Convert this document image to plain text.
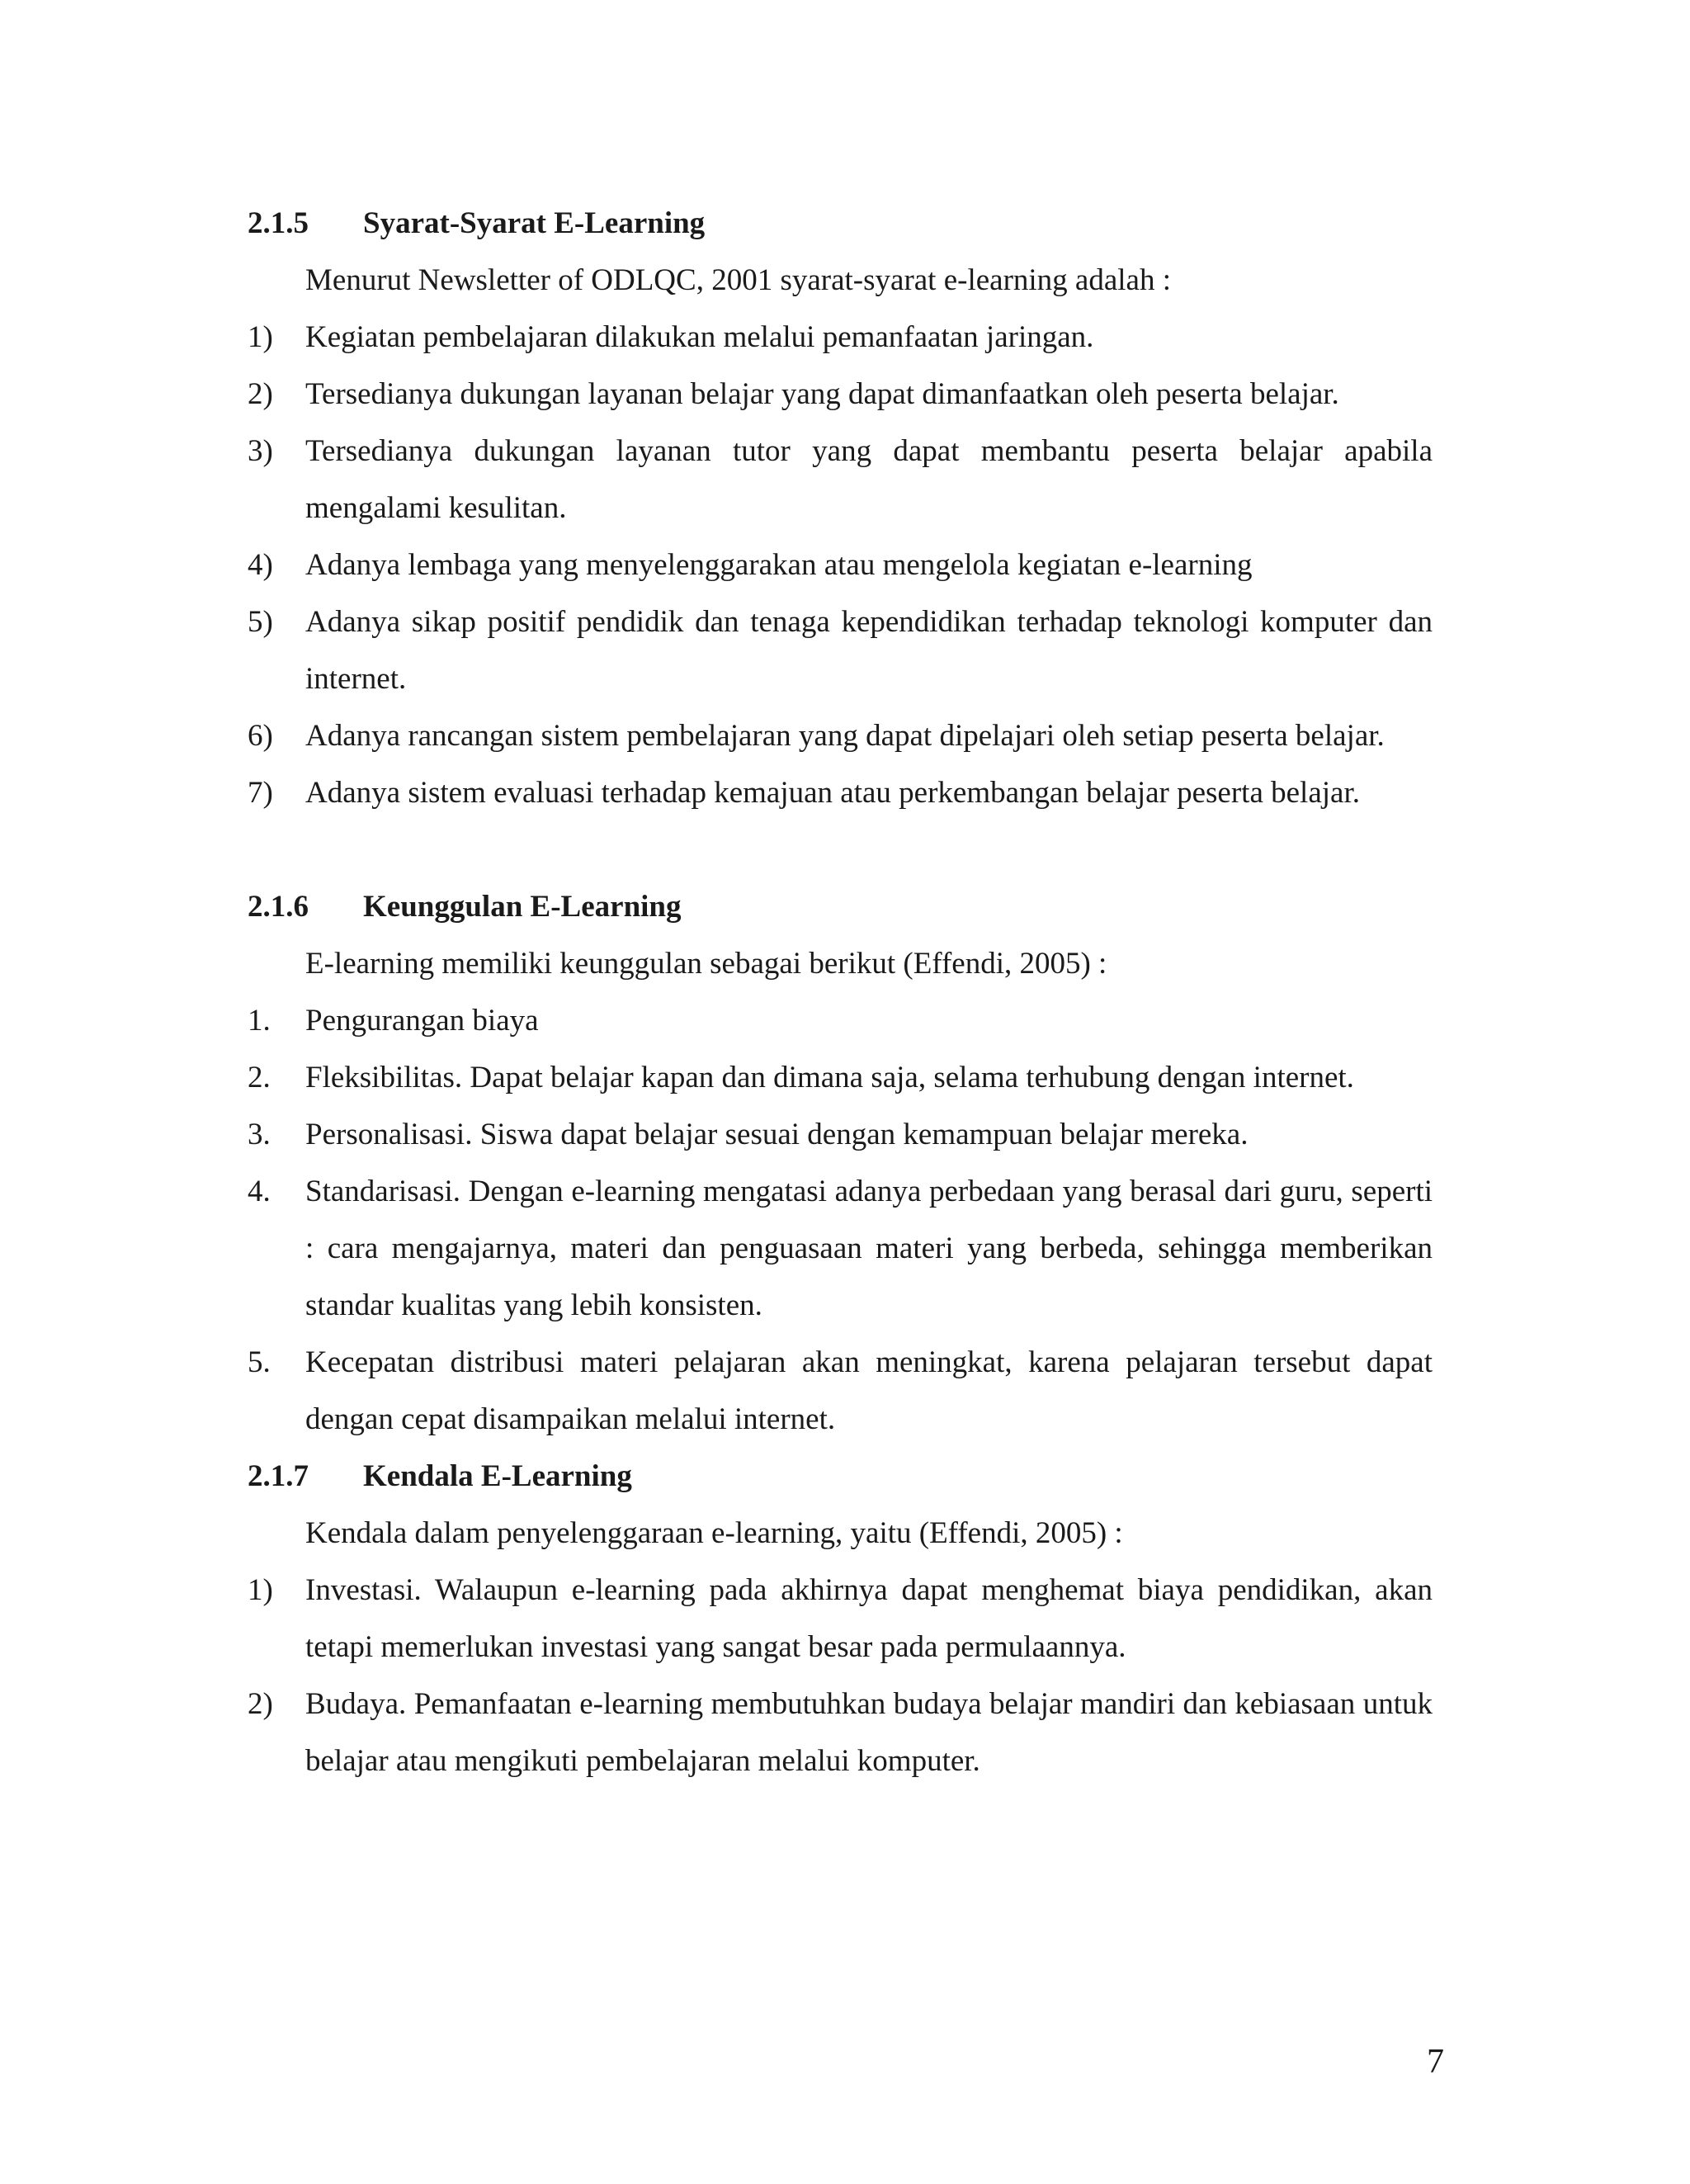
2.1.5	Syarat-Syarat E-Learning
Menurut Newsletter of ODLQC, 2001 syarat-syarat e-learning adalah :
1)	Kegiatan pembelajaran dilakukan melalui pemanfaatan jaringan.
2)	Tersedianya dukungan layanan belajar yang dapat dimanfaatkan oleh peserta belajar.
3)	Tersedianya dukungan layanan tutor yang dapat membantu peserta belajar apabila mengalami kesulitan.
4)	Adanya lembaga yang menyelenggarakan atau mengelola kegiatan e-learning
5)	Adanya sikap positif pendidik dan tenaga kependidikan terhadap teknologi komputer dan internet.
6)	Adanya rancangan sistem pembelajaran yang dapat dipelajari oleh setiap peserta belajar.
7)	Adanya sistem evaluasi terhadap kemajuan atau perkembangan belajar peserta belajar.
2.1.6	Keunggulan E-Learning
E-learning memiliki keunggulan sebagai berikut (Effendi, 2005) :
1.	Pengurangan biaya
2.	Fleksibilitas. Dapat belajar kapan dan dimana saja, selama terhubung dengan internet.
3.	Personalisasi. Siswa dapat belajar sesuai dengan kemampuan belajar mereka.
4.	Standarisasi. Dengan e-learning mengatasi adanya perbedaan yang berasal dari guru, seperti : cara mengajarnya, materi dan penguasaan materi yang berbeda, sehingga memberikan standar kualitas yang lebih konsisten.
5.	Kecepatan distribusi materi pelajaran akan meningkat, karena pelajaran tersebut dapat dengan cepat disampaikan melalui internet.
2.1.7	Kendala E-Learning
Kendala dalam penyelenggaraan e-learning, yaitu (Effendi, 2005) :
1)	Investasi. Walaupun e-learning pada akhirnya dapat menghemat biaya pendidikan, akan tetapi memerlukan investasi yang sangat besar pada permulaannya.
2)	Budaya. Pemanfaatan e-learning membutuhkan budaya belajar mandiri dan kebiasaan untuk belajar atau mengikuti pembelajaran melalui komputer.
7
